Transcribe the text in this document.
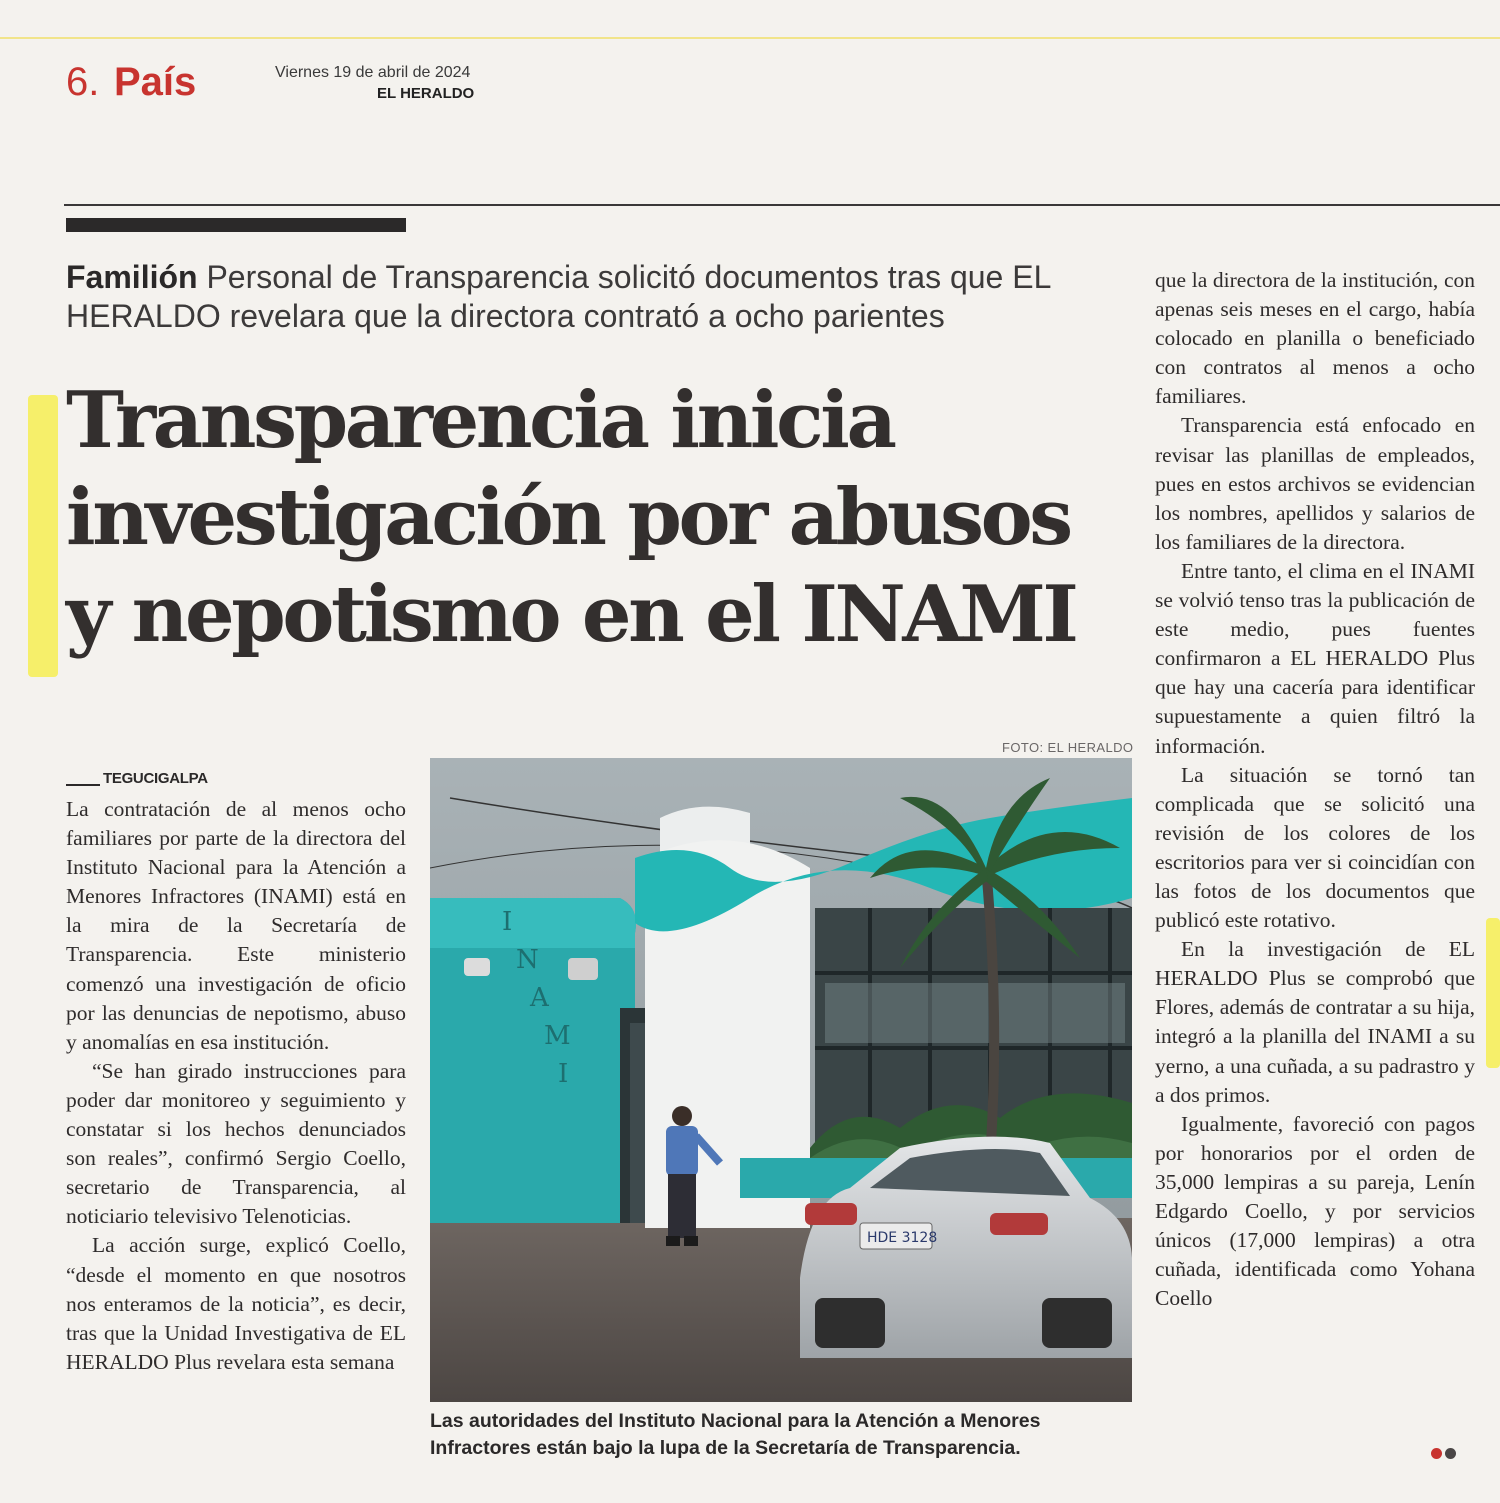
6. País	Viernes 19 de abril de 2024
EL HERALDO
Familión Personal de Transparencia solicitó documentos tras que EL HERALDO revelara que la directora contrató a ocho parientes
Transparencia inicia
investigación por abusos
y nepotismo en el INAMI
TEGUCIGALPA

La contratación de al menos ocho familiares por parte de la directora del Instituto Nacional para la Atención a Menores Infractores (INAMI) está en la mira de la Secretaría de Transparencia. Este ministerio comenzó una investigación de oficio por las denuncias de nepotismo, abuso y anomalías en esa institución.

“Se han girado instrucciones para poder dar monitoreo y seguimiento y constatar si los hechos denunciados son reales”, confirmó Sergio Coello, secretario de Transparencia, al noticiario televisivo Telenoticias.

La acción surge, explicó Coello, “desde el momento en que nosotros nos enteramos de la noticia”, es decir, tras que la Unidad Investigativa de EL HERALDO Plus revelara esta semana

FOTO: EL HERALDO
I
N
A
M
I
HDE 3128
Las autoridades del Instituto Nacional para la Atención a Menores Infractores están bajo la lupa de la Secretaría de Transparencia.

que la directora de la institución, con apenas seis meses en el cargo, había colocado en planilla o beneficiado con contratos al menos a ocho familiares.

Transparencia está enfocado en revisar las planillas de empleados, pues en estos archivos se evidencian los nombres, apellidos y salarios de los familiares de la directora.

Entre tanto, el clima en el INAMI se volvió tenso tras la publicación de este medio, pues fuentes confirmaron a EL HERALDO Plus que hay una cacería para identificar supuestamente a quien filtró la información.

La situación se tornó tan complicada que se solicitó una revisión de los colores de los escritorios para ver si coincidían con las fotos de los documentos que publicó este rotativo.

En la investigación de EL HERALDO Plus se comprobó que Flores, además de contratar a su hija, integró a la planilla del INAMI a su yerno, a una cuñada, a su padrastro y a dos primos.

Igualmente, favoreció con pagos por honorarios por el orden de 35,000 lempiras a su pareja, Lenín Edgardo Coello, y por servicios únicos (17,000 lempiras) a otra cuñada, identificada como Yohana Coello
